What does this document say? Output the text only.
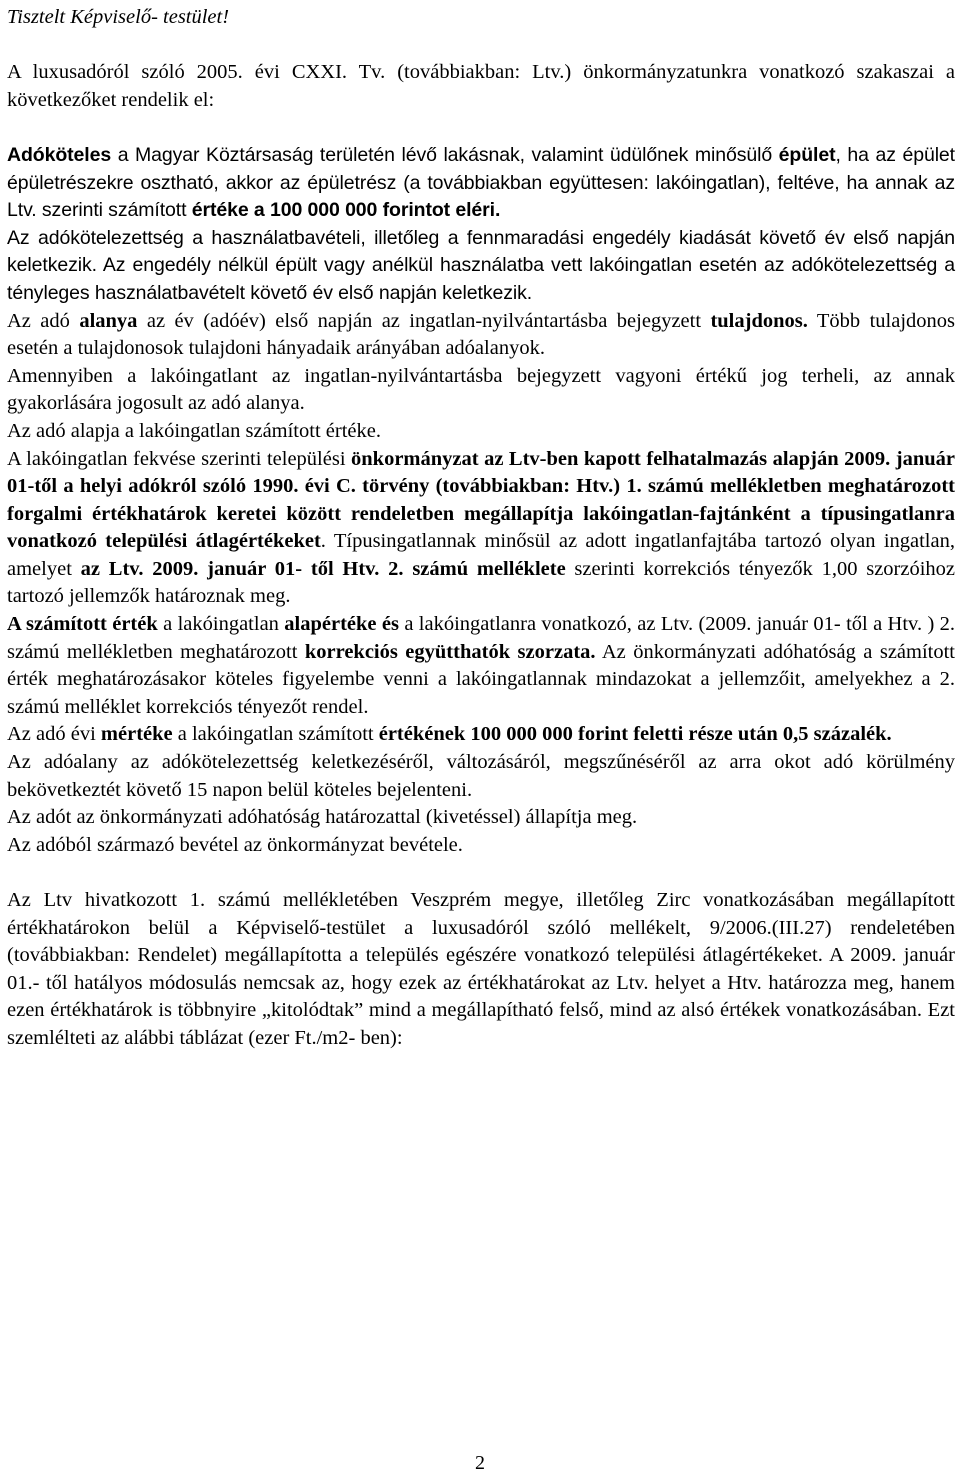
Tisztelt Képviselő- testület!

A luxusadóról szóló 2005. évi CXXI. Tv. (továbbiakban: Ltv.) önkormányzatunkra vonatkozó szakaszai a következőket rendelik el:

Adóköteles a Magyar Köztársaság területén lévő lakásnak, valamint üdülőnek minősülő épület, ha az épület épületrészekre osztható, akkor az épületrész (a továbbiakban együttesen: lakóingatlan), feltéve, ha annak az Ltv. szerinti számított értéke a 100 000 000 forintot eléri.

Az adókötelezettség a használatbavételi, illetőleg a fennmaradási engedély kiadását követő év első napján keletkezik. Az engedély nélkül épült vagy anélkül használatba vett lakóingatlan esetén az adókötelezettség a tényleges használatbavételt követő év első napján keletkezik.

Az adó alanya az év (adóév) első napján az ingatlan-nyilvántartásba bejegyzett tulajdonos. Több tulajdonos esetén a tulajdonosok tulajdoni hányadaik arányában adóalanyok.

Amennyiben a lakóingatlant az ingatlan-nyilvántartásba bejegyzett vagyoni értékű jog terheli, az annak gyakorlására jogosult az adó alanya.

Az adó alapja a lakóingatlan számított értéke.

A lakóingatlan fekvése szerinti települési önkormányzat az Ltv-ben kapott felhatalmazás alapján 2009. január 01-től a helyi adókról szóló 1990. évi C. törvény (továbbiakban: Htv.) 1. számú mellékletben meghatározott forgalmi értékhatárok keretei között rendeletben megállapítja lakóingatlan-fajtánként a típusingatlanra vonatkozó települési átlagértékeket. Típusingatlannak minősül az adott ingatlanfajtába tartozó olyan ingatlan, amelyet az Ltv. 2009. január 01- től Htv. 2. számú melléklete szerinti korrekciós tényezők 1,00 szorzóihoz tartozó jellemzők határoznak meg.

A számított érték a lakóingatlan alapértéke és a lakóingatlanra vonatkozó, az Ltv. (2009. január 01- től a Htv. ) 2. számú mellékletben meghatározott korrekciós együtthatók szorzata. Az önkormányzati adóhatóság a számított érték meghatározásakor köteles figyelembe venni a lakóingatlannak mindazokat a jellemzőit, amelyekhez a 2. számú melléklet korrekciós tényezőt rendel.

Az adó évi mértéke a lakóingatlan számított értékének 100 000 000 forint feletti része után 0,5 százalék.

Az adóalany az adókötelezettség keletkezéséről, változásáról, megszűnéséről az arra okot adó körülmény bekövetkeztét követő 15 napon belül köteles bejelenteni.

Az adót az önkormányzati adóhatóság határozattal (kivetéssel) állapítja meg.

Az adóból származó bevétel az önkormányzat bevétele.

Az Ltv hivatkozott 1. számú mellékletében Veszprém megye, illetőleg Zirc vonatkozásában megállapított értékhatárokon belül a Képviselő-testület a luxusadóról szóló mellékelt, 9/2006.(III.27) rendeletében (továbbiakban: Rendelet) megállapította a település egészére vonatkozó települési átlagértékeket. A 2009. január 01.- től hatályos módosulás nemcsak az, hogy ezek az értékhatárokat az Ltv. helyet a Htv. határozza meg, hanem ezen értékhatárok is többnyire „kitolódtak” mind a megállapítható felső, mind az alsó értékek vonatkozásában. Ezt szemlélteti az alábbi táblázat (ezer Ft./m2- ben):

2
